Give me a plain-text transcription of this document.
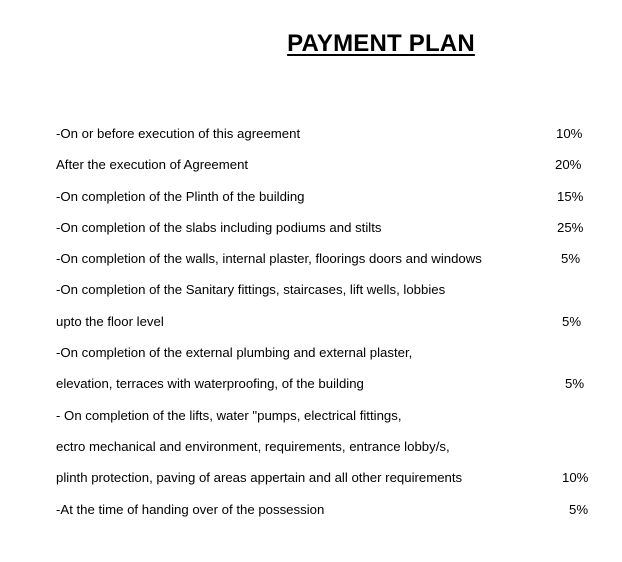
PAYMENT PLAN
-On or before execution of this agreement	10%
After the execution of Agreement	20%
-On completion of the Plinth of the building	15%
-On completion of the slabs including podiums and stilts	25%
-On completion of the walls, internal plaster, floorings doors and windows	5%
-On completion of the Sanitary fittings, staircases, lift wells, lobbies
upto the floor level	5%
-On completion of the external plumbing and external plaster,
elevation, terraces with waterproofing, of the building	5%
- On completion of the lifts, water "pumps, electrical fittings,
ectro mechanical and environment, requirements, entrance lobby/s,
plinth protection, paving of areas appertain and all other requirements	10%
-At the time of handing over of the possession	5%
